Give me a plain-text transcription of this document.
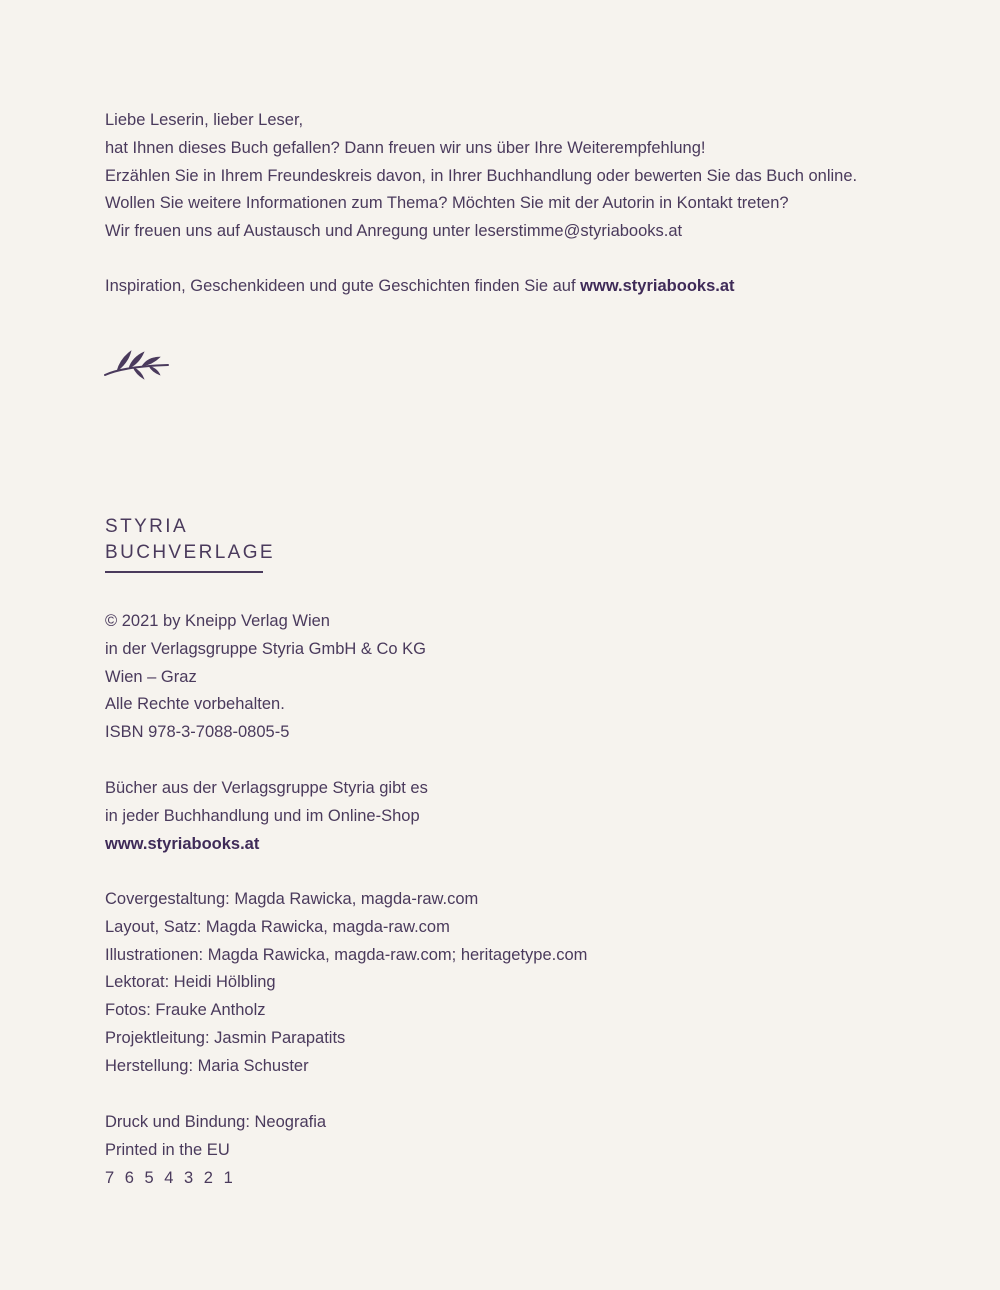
Liebe Leserin, lieber Leser,
hat Ihnen dieses Buch gefallen? Dann freuen wir uns über Ihre Weiterempfehlung!
Erzählen Sie in Ihrem Freundeskreis davon, in Ihrer Buchhandlung oder bewerten Sie das Buch online.
Wollen Sie weitere Informationen zum Thema? Möchten Sie mit der Autorin in Kontakt treten?
Wir freuen uns auf Austausch und Anregung unter leserstimme@styriabooks.at
Inspiration, Geschenkideen und gute Geschichten finden Sie auf www.styriabooks.at
STYRIA
BUCHVERLAGE
© 2021 by Kneipp Verlag Wien
in der Verlagsgruppe Styria GmbH & Co KG
Wien – Graz
Alle Rechte vorbehalten.
ISBN 978-3-7088-0805-5
Bücher aus der Verlagsgruppe Styria gibt es
in jeder Buchhandlung und im Online-Shop
www.styriabooks.at
Covergestaltung: Magda Rawicka, magda-raw.com
Layout, Satz: Magda Rawicka, magda-raw.com
Illustrationen: Magda Rawicka, magda-raw.com; heritagetype.com
Lektorat: Heidi Hölbling
Fotos: Frauke Antholz
Projektleitung: Jasmin Parapatits
Herstellung: Maria Schuster
Druck und Bindung: Neografia
Printed in the EU
7 6 5 4 3 2 1
